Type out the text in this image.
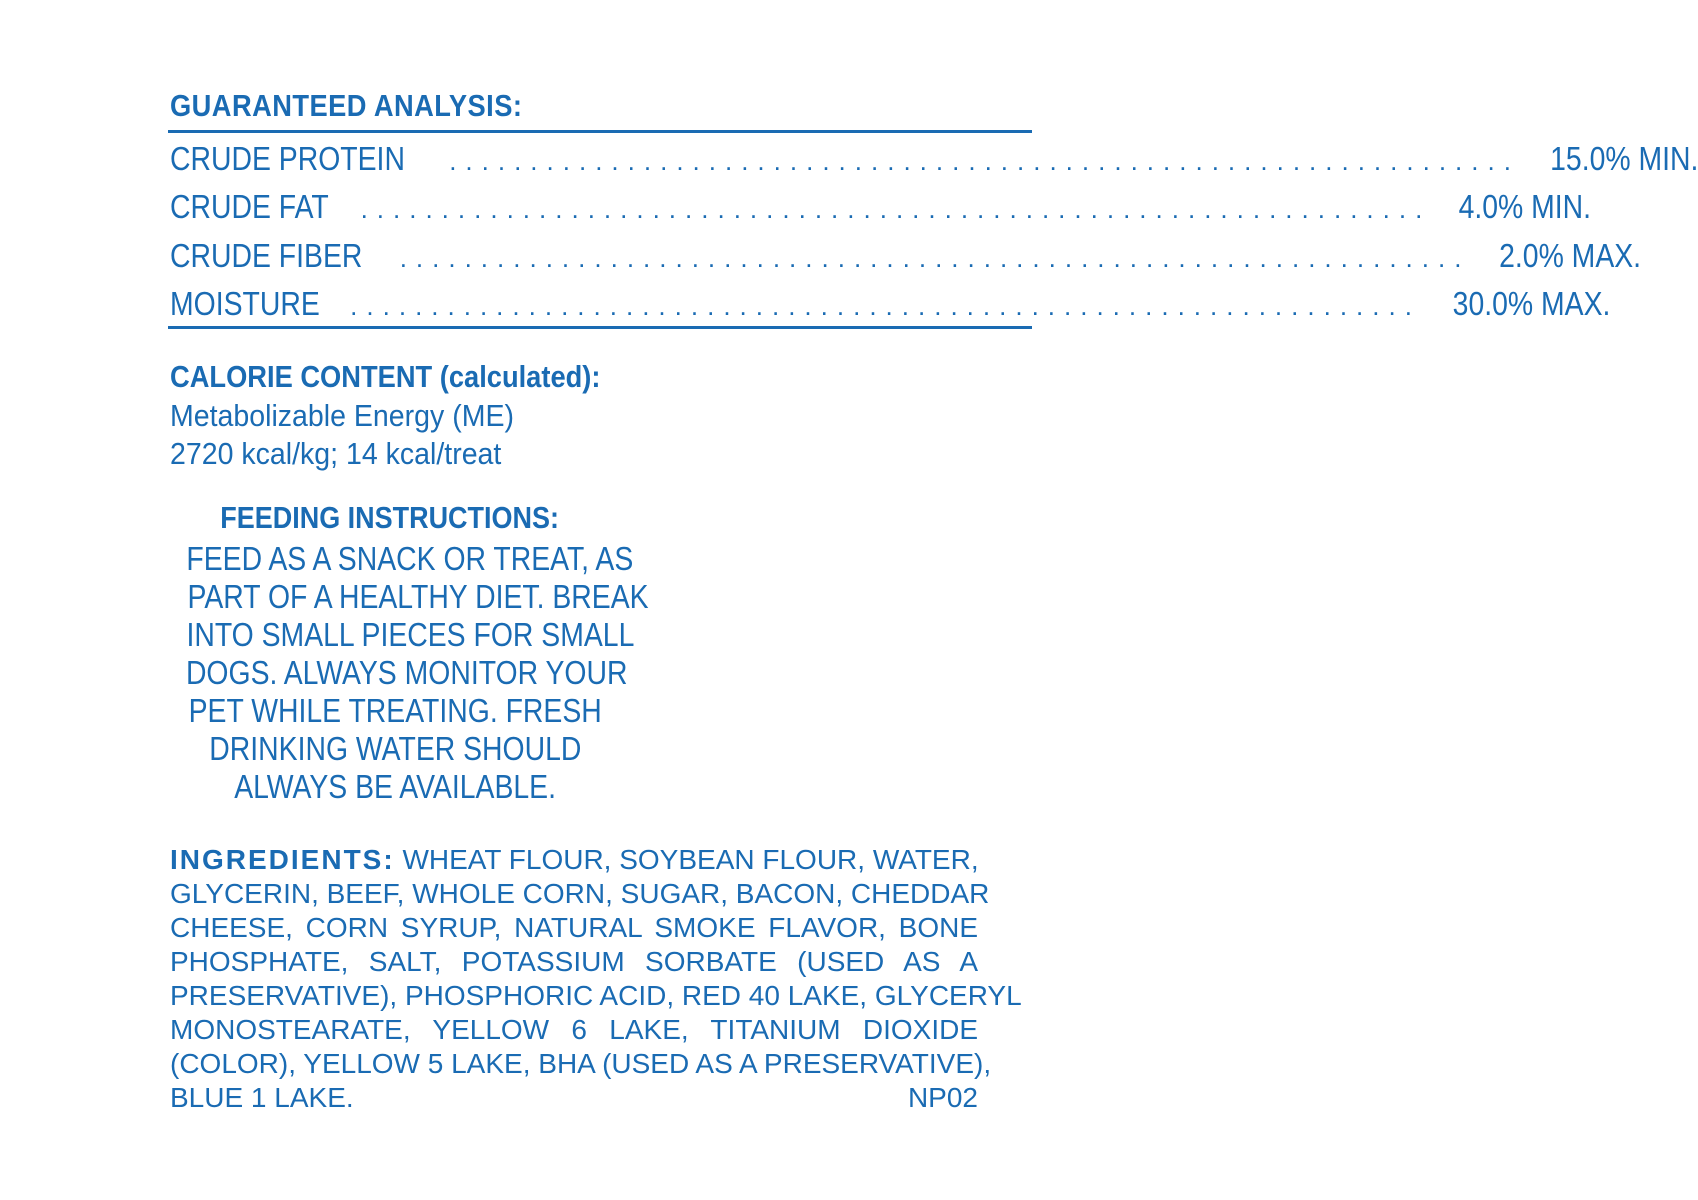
GUARANTEED ANALYSIS:
CRUDE PROTEIN .................................................................. 15.0% MIN.
CRUDE FAT .................................................................. 4.0% MIN.
CRUDE FIBER .................................................................. 2.0% MAX.
MOISTURE .................................................................. 30.0% MAX.
CALORIE CONTENT (calculated):
Metabolizable Energy (ME)
2720 kcal/kg; 14 kcal/treat
FEEDING INSTRUCTIONS:
FEED AS A SNACK OR TREAT, AS
PART OF A HEALTHY DIET. BREAK
INTO SMALL PIECES FOR SMALL
DOGS. ALWAYS MONITOR YOUR
PET WHILE TREATING. FRESH
DRINKING WATER SHOULD
ALWAYS BE AVAILABLE.
INGREDIENTS: WHEAT FLOUR, SOYBEAN FLOUR, WATER,
GLYCERIN, BEEF, WHOLE CORN, SUGAR, BACON, CHEDDAR
CHEESE, CORN SYRUP, NATURAL SMOKE FLAVOR, BONE
PHOSPHATE, SALT, POTASSIUM SORBATE (USED AS A
PRESERVATIVE), PHOSPHORIC ACID, RED 40 LAKE, GLYCERYL
MONOSTEARATE, YELLOW 6 LAKE, TITANIUM DIOXIDE
(COLOR), YELLOW 5 LAKE, BHA (USED AS A PRESERVATIVE),
BLUE 1 LAKE.	NP02
